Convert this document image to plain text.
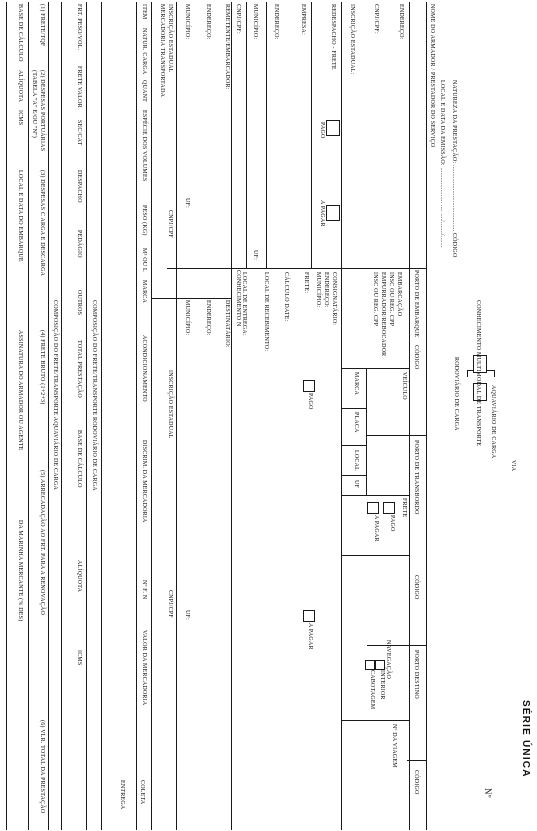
SÉRIE ÚNICA
VIA
Nº
AQUAVIÁRIO DE CARGA
RODOVIÁRIO DE CARGA	CONHECIMENTO MULTIMODAL DE TRANSPORTE
NATUREZA DA PRESTAÇÃO: ....................................... CÓDIGO
LOCAL E DATA DA EMISSÃO: ..................... .... ..../......./.......
NOME DO ARMADOR / PRESTADOR DO SERVIÇO
PORTO DE EMBARQUE
CÓDIGO
PORTO DE TRANSBORDO
CÓDIGO
PORTO DESTINO
CÓDIGO
ENDEREÇO:
CNPJ/CPF:
INSCRIÇÃO ESTADUAL:
REDESPACHO - FRETE
PAGO
A PAGAR
EMPRESA:
ENDEREÇO:
MUNICÍPIO:
UF:
CNPJ/CPF:
CONHECIMENTO N
REMETENTE/EMBARCADOR:
DESTINATÁRIO:
ENDEREÇO:
ENDEREÇO:
MUNICÍPIO:
UF:
MUNICÍPIO:
UF:
INSCRIÇÃO ESTADUAL
CNPJ/CPF
INSCRIÇÃO ESTADUAL
CNPJ/CPF
MERCADORIA TRANSPORTADA
EMBARCAÇÃO
INSC OU REG. CPP
EMPURRADOR/REBOCADOR
INSC OU REG. CPP
VEÍCULO
MARCA
PLACA
LOCAL
UF
FRETE
PAGO
A PAGAR
NAVEGAÇÃO
INTERIOR
CABOTAGEM
Nº DA VIAGEM
CONSIGNATÁRIO:
ENDEREÇO:
MUNICÍPIO:
FRETE:
PAGO
A PAGAR
CÁLCULO DATE:
LOCAL DE RECEBIMENTO:
LOCAL DE ENTREGA:
ITEM
NATUR. CARGA
QUANT
ESPÉCIE DOS VOLUMES
PESO (KG)
M³ OU L
MARCA
ACONDICIONAMENTO
DISCRIM. DA MERCADORIA
Nº F. N
VALOR DA MERCADORIA
COLETA
ENTREGA
COMPOSIÇÃO DO FRETE/TRANSPORTE RODOVIÁRIO DE CARGA
FRT. PESO/VOL.
FRETE VALOR
SEC/CAT
DESPACHO
PEDÁGIO
OUTROS
TOTAL PRESTAÇÃO
BASE DE CÁLCULO
ALÍQUOTA
ICMS
COMPOSIÇÃO DO FRETE/TRANSPORTE AQUAVIÁRIO DE CARGA
(1) FRETE/TQF
(2) DESPESAS PORTUÁRIAS
(3) DESPESAS C ARGA E DESCARGA
(4) FRETE BRUTO (1+2+3)
(5) ARRECADAÇÃO AO FRT. PARA A RENOVAÇÃO
(6) VLR. TOTAL DA PRESTAÇÃO
(TABELA "A" E/OU "N")
BASE DE CÁLCULO
ALÍQUOTA
ICMS
LOCAL E DATA DO EMBARQUE
ASSINATURA DO ARMADOR OU AGENTE
DA MARINHA MERCANTE (% DES)
